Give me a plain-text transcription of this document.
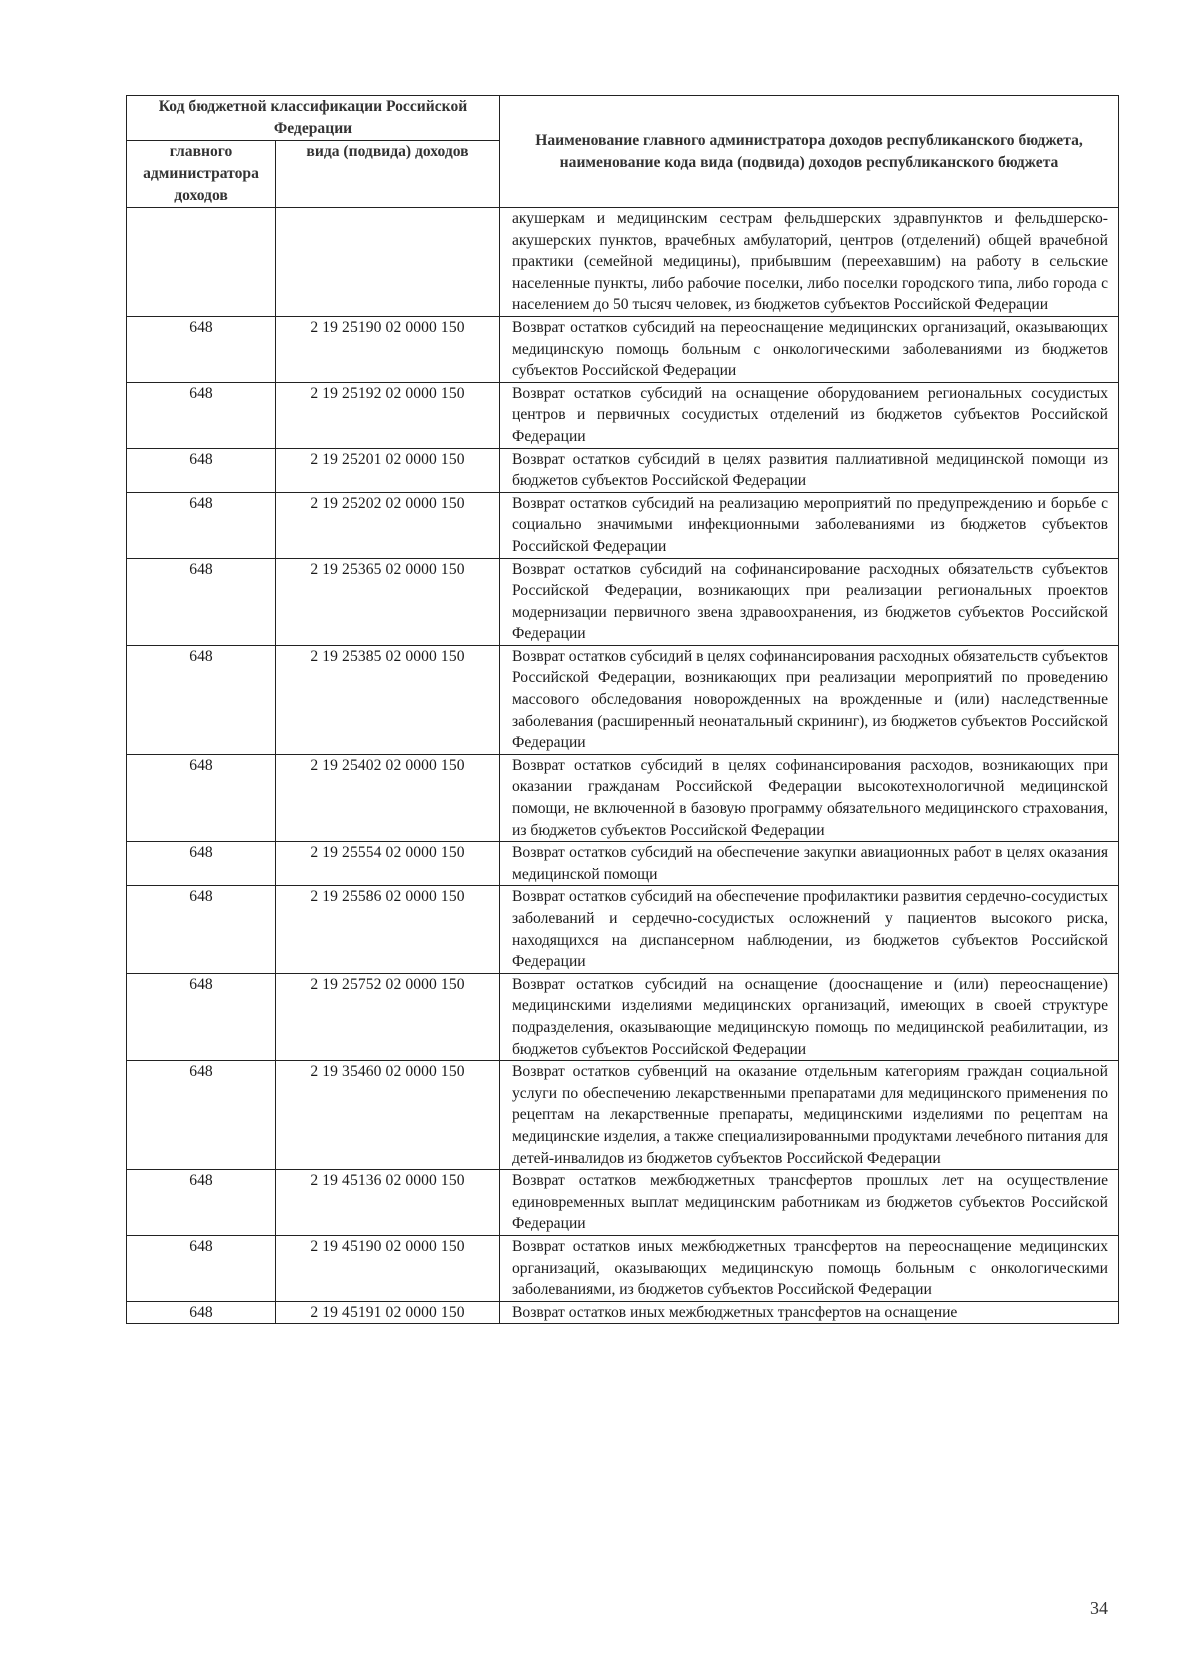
Код бюджетной классификации Российской Федерации		Наименование главного администратора доходов республиканского бюджета, наименование кода вида (подвида) доходов республиканского бюджета
главного администратора доходов	вида (подвида) доходов	
		акушеркам и медицинским сестрам фельдшерских здравпунктов и фельдшерско-акушерских пунктов, врачебных амбулаторий, центров (отделений) общей врачебной практики (семейной медицины), прибывшим (переехавшим) на работу в сельские населенные пункты, либо рабочие поселки, либо поселки городского типа, либо города с населением до 50 тысяч человек, из бюджетов субъектов Российской Федерации
648	2 19 25190 02 0000 150	Возврат остатков субсидий на переоснащение медицинских организаций, оказывающих медицинскую помощь больным с онкологическими заболеваниями из бюджетов субъектов Российской Федерации
648	2 19 25192 02 0000 150	Возврат остатков субсидий на оснащение оборудованием региональных сосудистых центров и первичных сосудистых отделений из бюджетов субъектов Российской Федерации
648	2 19 25201 02 0000 150	Возврат остатков субсидий в целях развития паллиативной медицинской помощи из бюджетов субъектов Российской Федерации
648	2 19 25202 02 0000 150	Возврат остатков субсидий на реализацию мероприятий по предупреждению и борьбе с социально значимыми инфекционными заболеваниями из бюджетов субъектов Российской Федерации
648	2 19 25365 02 0000 150	Возврат остатков субсидий на софинансирование расходных обязательств субъектов Российской Федерации, возникающих при реализации региональных проектов модернизации первичного звена здравоохранения, из бюджетов субъектов Российской Федерации
648	2 19 25385 02 0000 150	Возврат остатков субсидий в целях софинансирования расходных обязательств субъектов Российской Федерации, возникающих при реализации мероприятий по проведению массового обследования новорожденных на врожденные и (или) наследственные заболевания (расширенный неонатальный скрининг), из бюджетов субъектов Российской Федерации
648	2 19 25402 02 0000 150	Возврат остатков субсидий в целях софинансирования расходов, возникающих при оказании гражданам Российской Федерации высокотехнологичной медицинской помощи, не включенной в базовую программу обязательного медицинского страхования, из бюджетов субъектов Российской Федерации
648	2 19 25554 02 0000 150	Возврат остатков субсидий на обеспечение закупки авиационных работ в целях оказания медицинской помощи
648	2 19 25586 02 0000 150	Возврат остатков субсидий на обеспечение профилактики развития сердечно-сосудистых заболеваний и сердечно-сосудистых осложнений у пациентов высокого риска, находящихся на диспансерном наблюдении, из бюджетов субъектов Российской Федерации
648	2 19 25752 02 0000 150	Возврат остатков субсидий на оснащение (дооснащение и (или) переоснащение) медицинскими изделиями медицинских организаций, имеющих в своей структуре подразделения, оказывающие медицинскую помощь по медицинской реабилитации, из бюджетов субъектов Российской Федерации
648	2 19 35460 02 0000 150	Возврат остатков субвенций на оказание отдельным категориям граждан социальной услуги по обеспечению лекарственными препаратами для медицинского применения по рецептам на лекарственные препараты, медицинскими изделиями по рецептам на медицинские изделия, а также специализированными продуктами лечебного питания для детей-инвалидов из бюджетов субъектов Российской Федерации
648	2 19 45136 02 0000 150	Возврат остатков межбюджетных трансфертов прошлых лет на осуществление единовременных выплат медицинским работникам из бюджетов субъектов Российской Федерации
648	2 19 45190 02 0000 150	Возврат остатков иных межбюджетных трансфертов на переоснащение медицинских организаций, оказывающих медицинскую помощь больным с онкологическими заболеваниями, из бюджетов субъектов Российской Федерации
648	2 19 45191 02 0000 150	Возврат остатков иных межбюджетных трансфертов на оснащение
34
